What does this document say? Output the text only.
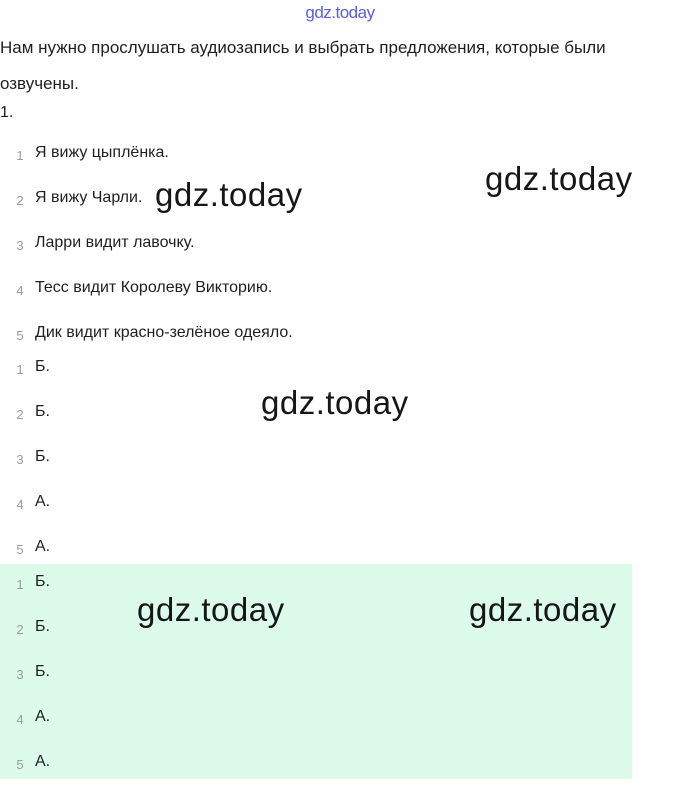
gdz.today

Нам нужно прослушать аудиозапись и выбрать предложения, которые были озвучены.

1.
1 Я вижу цыплёнка.
2 Я вижу Чарли.
3 Ларри видит лавочку.
4 Тесс видит Королеву Викторию.
5 Дик видит красно-зелёное одеяло.
1 Б.
2 Б.
3 Б.
4 А.
5 А.
1 Б.
2 Б.
3 Б.
4 А.
5 А.
gdz.today	gdz.today
gdz.today
gdz.today	gdz.today
